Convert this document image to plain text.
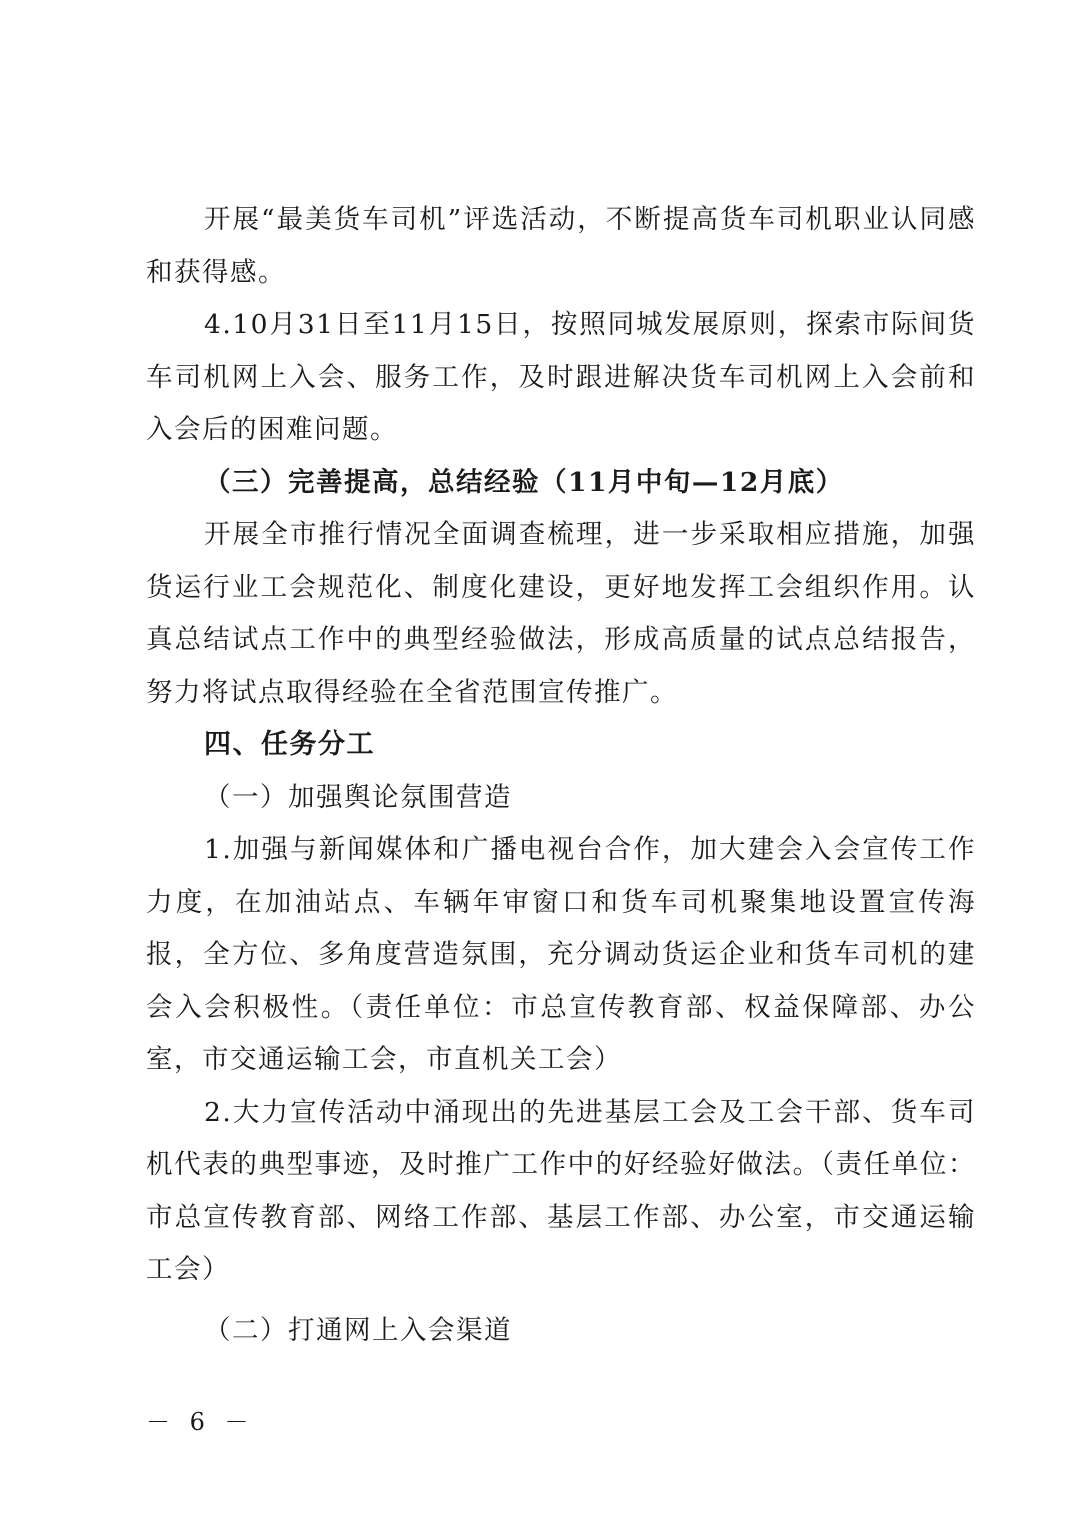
开展“最美货车司机”评选活动，不断提高货车司机职业认同感和获得感。

4.10月31日至11月15日，按照同城发展原则，探索市际间货车司机网上入会、服务工作，及时跟进解决货车司机网上入会前和入会后的困难问题。

（三）完善提高，总结经验（11月中旬—12月底）

开展全市推行情况全面调查梳理，进一步采取相应措施，加强货运行业工会规范化、制度化建设，更好地发挥工会组织作用。认真总结试点工作中的典型经验做法，形成高质量的试点总结报告，努力将试点取得经验在全省范围宣传推广。

四、任务分工

（一）加强舆论氛围营造

1.加强与新闻媒体和广播电视台合作，加大建会入会宣传工作力度，在加油站点、车辆年审窗口和货车司机聚集地设置宣传海报，全方位、多角度营造氛围，充分调动货运企业和货车司机的建会入会积极性。（责任单位：市总宣传教育部、权益保障部、办公室，市交通运输工会，市直机关工会）

2.大力宣传活动中涌现出的先进基层工会及工会干部、货车司机代表的典型事迹，及时推广工作中的好经验好做法。（责任单位：市总宣传教育部、网络工作部、基层工作部、办公室，市交通运输工会）

（二）打通网上入会渠道

－ 6 －
